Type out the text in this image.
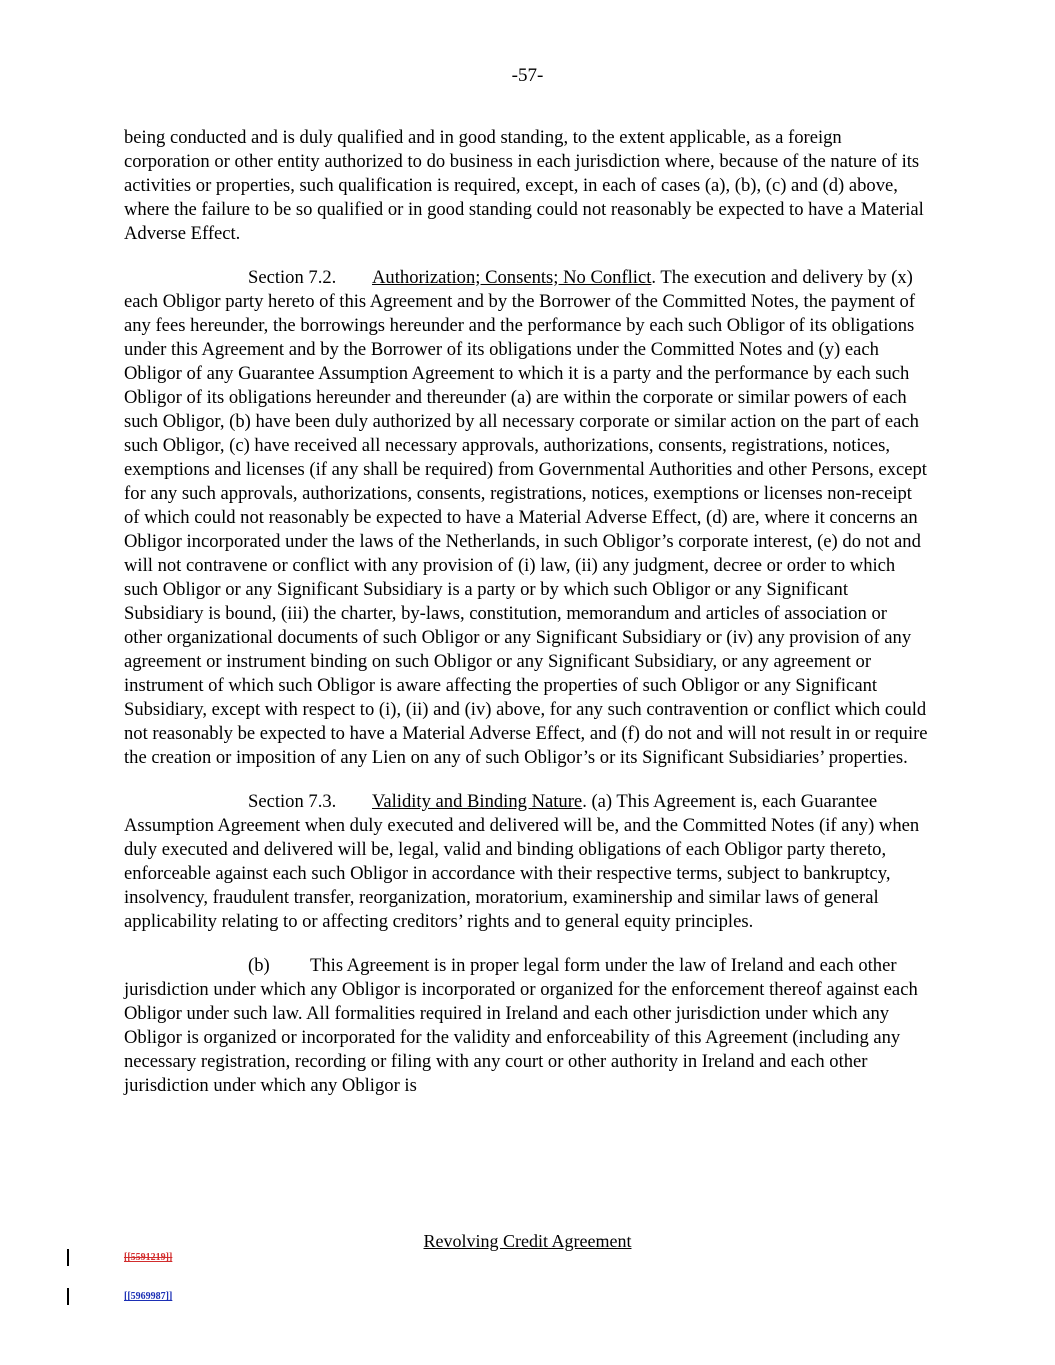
-57-

being conducted and is duly qualified and in good standing, to the extent applicable, as a foreign corporation or other entity authorized to do business in each jurisdiction where, because of the nature of its activities or properties, such qualification is required, except, in each of cases (a), (b), (c) and (d) above, where the failure to be so qualified or in good standing could not reasonably be expected to have a Material Adverse Effect.

Section 7.2. Authorization; Consents; No Conflict. The execution and delivery by (x) each Obligor party hereto of this Agreement and by the Borrower of the Committed Notes, the payment of any fees hereunder, the borrowings hereunder and the performance by each such Obligor of its obligations under this Agreement and by the Borrower of its obligations under the Committed Notes and (y) each Obligor of any Guarantee Assumption Agreement to which it is a party and the performance by each such Obligor of its obligations hereunder and thereunder (a) are within the corporate or similar powers of each such Obligor, (b) have been duly authorized by all necessary corporate or similar action on the part of each such Obligor, (c) have received all necessary approvals, authorizations, consents, registrations, notices, exemptions and licenses (if any shall be required) from Governmental Authorities and other Persons, except for any such approvals, authorizations, consents, registrations, notices, exemptions or licenses non-receipt of which could not reasonably be expected to have a Material Adverse Effect, (d) are, where it concerns an Obligor incorporated under the laws of the Netherlands, in such Obligor’s corporate interest, (e) do not and will not contravene or conflict with any provision of (i) law, (ii) any judgment, decree or order to which such Obligor or any Significant Subsidiary is a party or by which such Obligor or any Significant Subsidiary is bound, (iii) the charter, by-laws, constitution, memorandum and articles of association or other organizational documents of such Obligor or any Significant Subsidiary or (iv) any provision of any agreement or instrument binding on such Obligor or any Significant Subsidiary, or any agreement or instrument of which such Obligor is aware affecting the properties of such Obligor or any Significant Subsidiary, except with respect to (i), (ii) and (iv) above, for any such contravention or conflict which could not reasonably be expected to have a Material Adverse Effect, and (f) do not and will not result in or require the creation or imposition of any Lien on any of such Obligor’s or its Significant Subsidiaries’ properties.

Section 7.3. Validity and Binding Nature. (a) This Agreement is, each Guarantee Assumption Agreement when duly executed and delivered will be, and the Committed Notes (if any) when duly executed and delivered will be, legal, valid and binding obligations of each Obligor party thereto, enforceable against each such Obligor in accordance with their respective terms, subject to bankruptcy, insolvency, fraudulent transfer, reorganization, moratorium, examinership and similar laws of general applicability relating to or affecting creditors’ rights and to general equity principles.

(b) This Agreement is in proper legal form under the law of Ireland and each other jurisdiction under which any Obligor is incorporated or organized for the enforcement thereof against each Obligor under such law. All formalities required in Ireland and each other jurisdiction under which any Obligor is organized or incorporated for the validity and enforceability of this Agreement (including any necessary registration, recording or filing with any court or other authority in Ireland and each other jurisdiction under which any Obligor is

Revolving Credit Agreement
[[5591219]]
[[5969987]]
